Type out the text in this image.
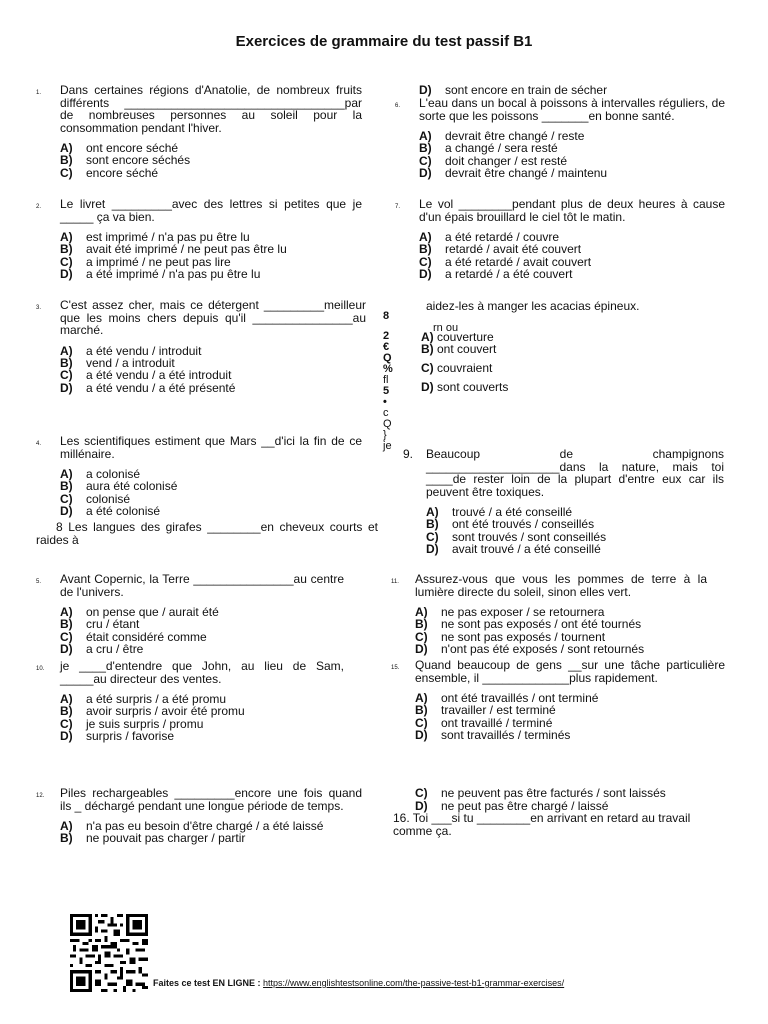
Exercices de grammaire du test passif B1
1. Dans certaines régions d'Anatolie, de nombreux fruits différents _________________________________par de nombreuses personnes au soleil pour la consommation pendant l'hiver.
A)	ont encore séché
B)	sont encore séchés
C)	encore séché
2. Le livret _________avec des lettres si petites que je _____ ça va bien.
A)	est imprimé / n'a pas pu être lu
B)	avait été imprimé / ne peut pas être lu
C)	a imprimé / ne peut pas lire
D)	a été imprimé / n'a pas pu être lu
3. C'est assez cher, mais ce détergent _________meilleur que les moins chers depuis qu'il _______________au marché.
A)	a été vendu / introduit
B)	vend / a introduit
C)	a été vendu / a été introduit
D)	a été vendu / a été présenté
4. Les scientifiques estiment que Mars __d'ici la fin de ce millénaire.
A)	a colonisé
B)	aura été colonisé
C)	colonisé
D)	a été colonisé
8 Les langues des girafes ________en cheveux courts et raides à
5. Avant Copernic, la Terre _______________au centre de l'univers.
A)	on pense que / aurait été
B)	cru / étant
C)	était considéré comme
D)	a cru / être
10. je ____d'entendre que John, au lieu de Sam, _____au directeur des ventes.
A)	a été surpris / a été promu
B)	avoir surpris / avoir été promu
C)	je suis surpris / promu
D)	surpris / favorise
12. Piles rechargeables _________encore une fois quand ils _ déchargé pendant une longue période de temps.
A)	n'a pas eu besoin d'être chargé / a été laissé
B)	ne pouvait pas charger / partir
D)	sont encore en train de sécher
6. L'eau dans un bocal à poissons à intervalles réguliers, de sorte que les poissons _______en bonne santé.
A)	devrait être changé / reste
B)	a changé / sera resté
C)	doit changer / est resté
D)	devrait être changé / maintenu
7. Le vol ________pendant plus de deux heures à cause d'un épais brouillard le ciel tôt le matin.
A)	a été retardé / couvre
B)	retardé / avait été couvert
C)	a été retardé / avait couvert
D)	a retardé / a été couvert
8
2
€
Q
%
fl
5
•
c
Q
}
je
aidez-les à manger les acacias épineux.
rn ou
A) couverture
B) ont couvert
C) couvraient
D) sont couverts
9. Beaucoup de champignons ____________________dans la nature, mais toi ____de rester loin de la plupart d'entre eux car ils peuvent être toxiques.
A)	trouvé / a été conseillé
B)	ont été trouvés / conseillés
C)	sont trouvés / sont conseillés
D)	avait trouvé / a été conseillé
11. Assurez-vous que vous les pommes de terre à la lumière directe du soleil, sinon elles vert.
A)	ne pas exposer / se retournera
B)	ne sont pas exposés / ont été tournés
C)	ne sont pas exposés / tournent
D)	n'ont pas été exposés / sont retournés
15. Quand beaucoup de gens __sur une tâche particulière ensemble, il _____________plus rapidement.
A)	ont été travaillés / ont terminé
B)	travailler / est terminé
C)	ont travaillé / terminé
D)	sont travaillés / terminés
C)	ne peuvent pas être facturés / sont laissés
D)	ne peut pas être chargé / laissé
16. Toi ___si tu ________en arrivant en retard au travail comme ça.
Faites ce test EN LIGNE : https://www.englishtestsonline.com/the-passive-test-b1-grammar-exercises/
